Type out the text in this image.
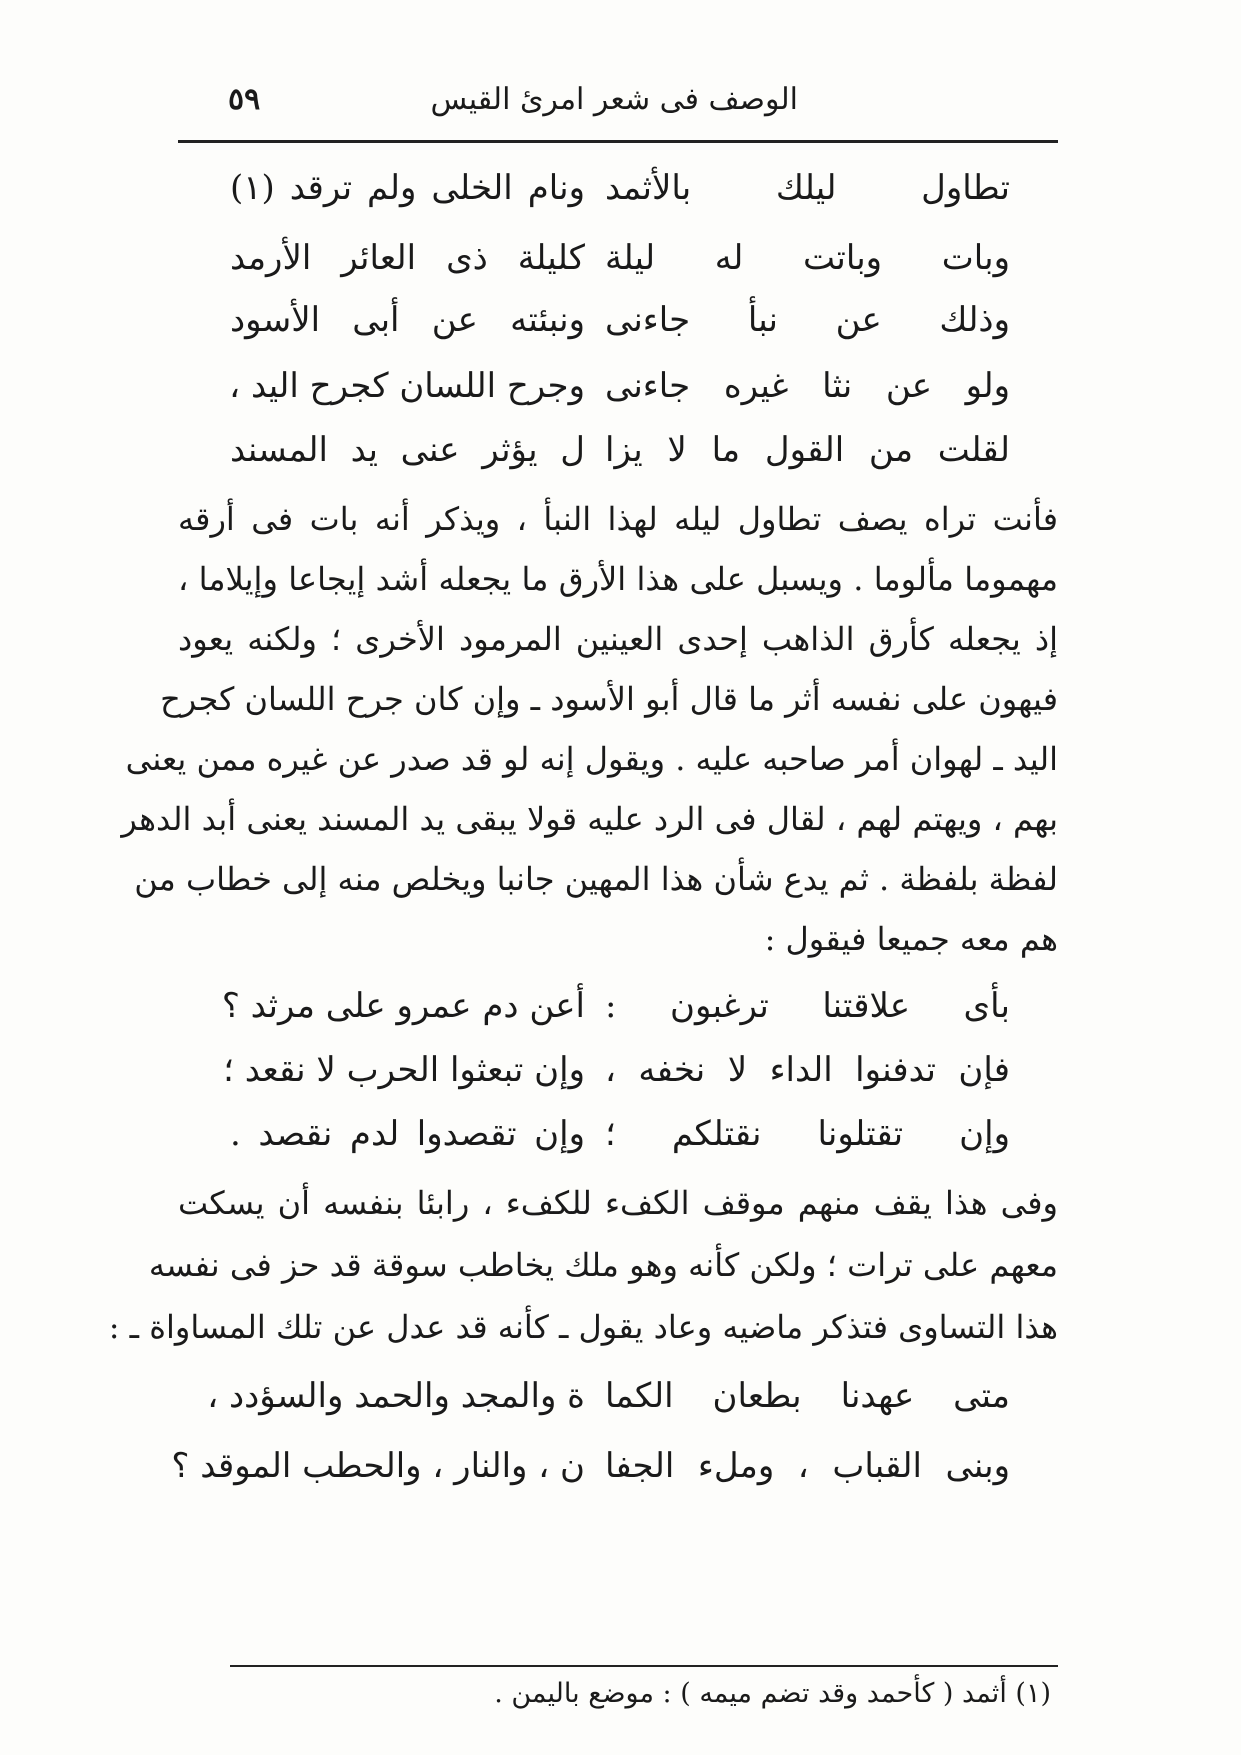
الوصف فى شعر امرئ القيس
٥٩
تطاول ليلك بالأثمد
ونام الخلى ولم ترقد (١)
وبات وباتت له ليلة
كليلة ذى العائر الأرمد
وذلك عن نبأ جاءنى
ونبئته عن أبى الأسود
ولو عن نثا غيره جاءنى
وجرح اللسان كجرح اليد ،
لقلت من القول ما لا يزا
ل يؤثر عنى يد المسند
فأنت تراه يصف تطاول ليله لهذا النبأ ، ويذكر أنه بات فى أرقه
مهموما مألوما . ويسبل على هذا الأرق ما يجعله أشد إيجاعا وإيلاما ،
إذ يجعله كأرق الذاهب إحدى العينين المرمود الأخرى ؛ ولكنه يعود
فيهون على نفسه أثر ما قال أبو الأسود ـ وإن كان جرح اللسان كجرح
اليد ـ لهوان أمر صاحبه عليه . ويقول إنه لو قد صدر عن غيره ممن يعنى
بهم ، ويهتم لهم ، لقال فى الرد عليه قولا يبقى يد المسند يعنى أبد الدهر
لفظة بلفظة . ثم يدع شأن هذا المهين جانبا ويخلص منه إلى خطاب من
هم معه جميعا فيقول :
بأى علاقتنا ترغبون :
أعن دم عمرو على مرثد ؟
فإن تدفنوا الداء لا نخفه ،
وإن تبعثوا الحرب لا نقعد ؛
وإن تقتلونا نقتلكم ؛
وإن تقصدوا لدم نقصد .
وفى هذا يقف منهم موقف الكفء للكفء ، رابئا بنفسه أن يسكت
معهم على ترات ؛ ولكن كأنه وهو ملك يخاطب سوقة قد حز فى نفسه
هذا التساوى فتذكر ماضيه وعاد يقول ـ كأنه قد عدل عن تلك المساواة ـ :
متى عهدنا بطعان الكما
ة والمجد والحمد والسؤدد ،
وبنى القباب ، وملء الجفا
ن ، والنار ، والحطب الموقد ؟
(١) أثمد ( كأحمد وقد تضم ميمه ) : موضع باليمن .
